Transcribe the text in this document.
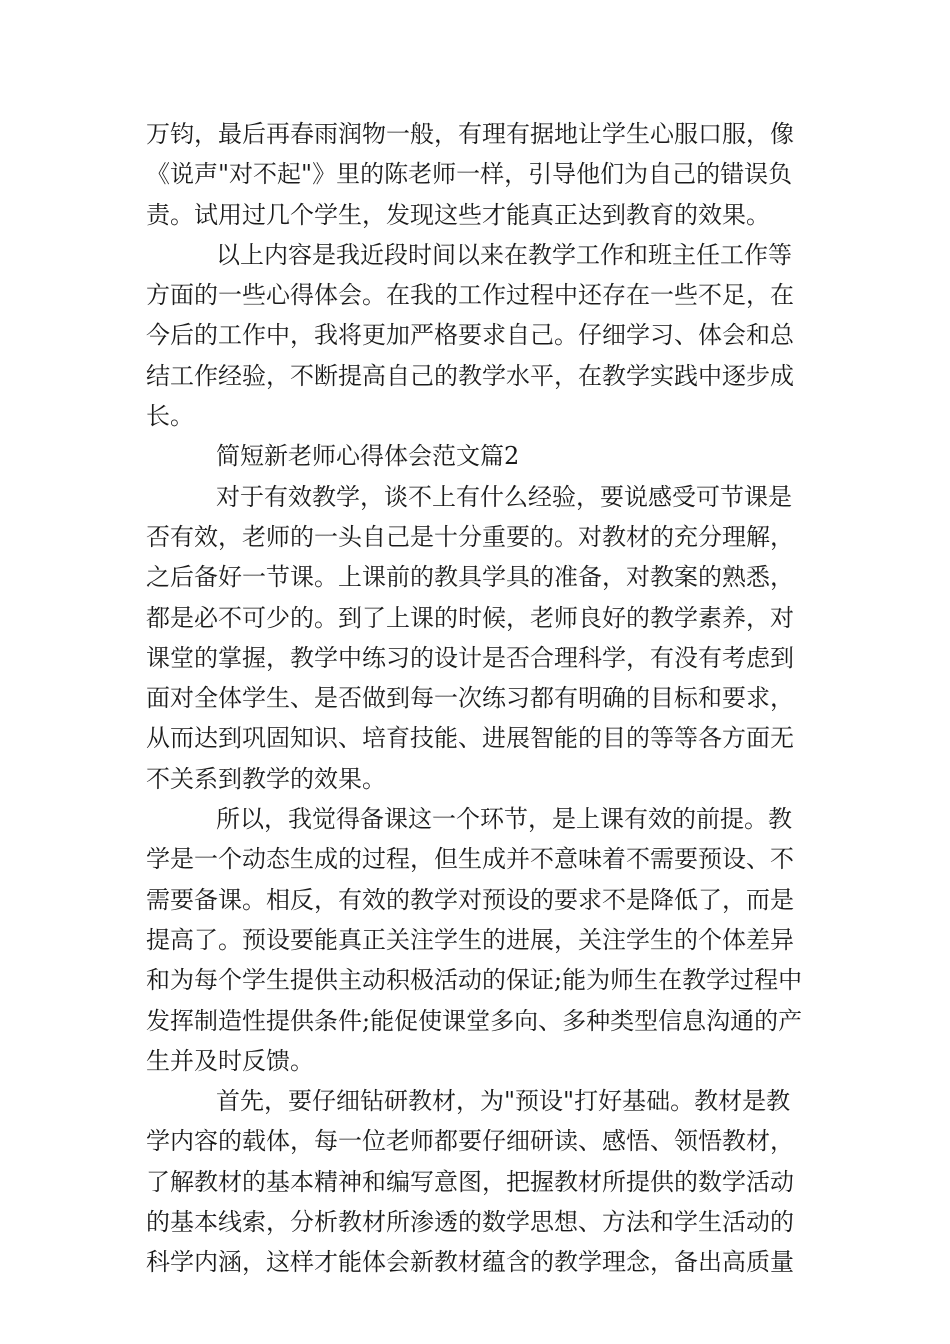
万钧，最后再春雨润物一般，有理有据地让学生心服口服，像
《说声"对不起"》里的陈老师一样，引导他们为自己的错误负
责。试用过几个学生，发现这些才能真正达到教育的效果。
以上内容是我近段时间以来在教学工作和班主任工作等
方面的一些心得体会。在我的工作过程中还存在一些不足，在
今后的工作中，我将更加严格要求自己。仔细学习、体会和总
结工作经验，不断提高自己的教学水平，在教学实践中逐步成
长。
简短新老师心得体会范文篇2
对于有效教学，谈不上有什么经验，要说感受可节课是
否有效，老师的一头自己是十分重要的。对教材的充分理解，
之后备好一节课。上课前的教具学具的准备，对教案的熟悉，
都是必不可少的。到了上课的时候，老师良好的教学素养，对
课堂的掌握，教学中练习的设计是否合理科学，有没有考虑到
面对全体学生、是否做到每一次练习都有明确的目标和要求，
从而达到巩固知识、培育技能、进展智能的目的等等各方面无
不关系到教学的效果。
所以，我觉得备课这一个环节，是上课有效的前提。教
学是一个动态生成的过程，但生成并不意味着不需要预设、不
需要备课。相反，有效的教学对预设的要求不是降低了，而是
提高了。预设要能真正关注学生的进展，关注学生的个体差异
和为每个学生提供主动积极活动的保证;能为师生在教学过程中
发挥制造性提供条件;能促使课堂多向、多种类型信息沟通的产
生并及时反馈。
首先，要仔细钻研教材，为"预设"打好基础。教材是教
学内容的载体，每一位老师都要仔细研读、感悟、领悟教材，
了解教材的基本精神和编写意图，把握教材所提供的数学活动
的基本线索，分析教材所渗透的数学思想、方法和学生活动的
科学内涵，这样才能体会新教材蕴含的教学理念，备出高质量
